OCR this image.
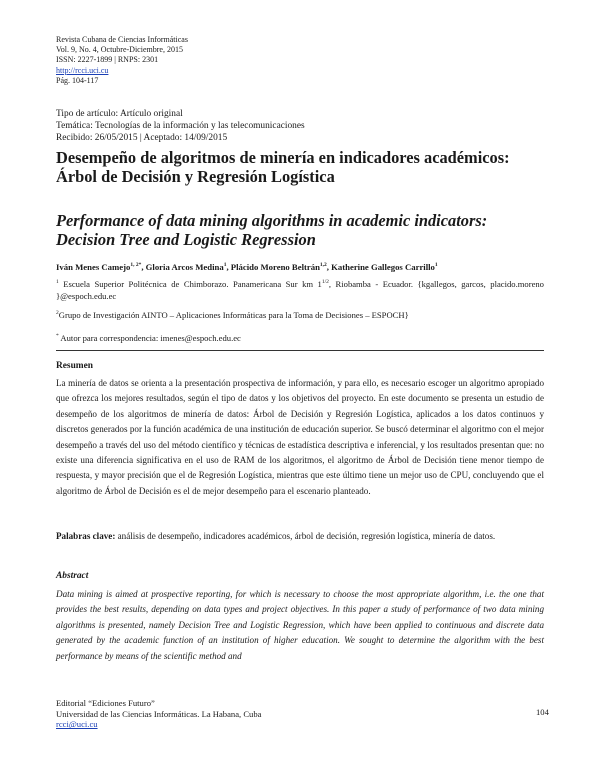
Revista Cubana de Ciencias Informáticas
Vol. 9, No. 4, Octubre-Diciembre, 2015
ISSN: 2227-1899 | RNPS: 2301
http://rcci.uci.cu
Pág. 104-117
Tipo de artículo: Artículo original
Temática: Tecnologías de la información y las telecomunicaciones
Recibido: 26/05/2015 | Aceptado: 14/09/2015
Desempeño de algoritmos de minería en indicadores académicos: Árbol de Decisión y Regresión Logística
Performance of data mining algorithms in academic indicators: Decision Tree and Logistic Regression
Iván Menes Camejo$^{1, 2*}$, Gloria Arcos Medina$^1$, Plácido Moreno Beltrán$^{1,2}$, Katherine Gallegos Carrillo$^1$
$^1$ Escuela Superior Politécnica de Chimborazo. Panamericana Sur km $1^{1/2}$, Riobamba - Ecuador. {kgallegos, garcos, placido.moreno }@espoch.edu.ec
$^2$Grupo de Investigación AINTO – Aplicaciones Informáticas para la Toma de Decisiones – ESPOCH}
* Autor para correspondencia: imenes@espoch.edu.ec
Resumen
La minería de datos se orienta a la presentación prospectiva de información, y para ello, es necesario escoger un algoritmo apropiado que ofrezca los mejores resultados, según el tipo de datos y los objetivos del proyecto. En este documento se presenta un estudio de desempeño de los algoritmos de minería de datos: Árbol de Decisión y Regresión Logística, aplicados a los datos continuos y discretos generados por la función académica de una institución de educación superior. Se buscó determinar el algoritmo con el mejor desempeño a través del uso del método científico y técnicas de estadística descriptiva e inferencial, y los resultados presentan que: no existe una diferencia significativa en el uso de RAM de los algoritmos, el algoritmo de Árbol de Decisión tiene menor tiempo de respuesta, y mayor precisión que el de Regresión Logística, mientras que este último tiene un mejor uso de CPU, concluyendo que el algoritmo de Árbol de Decisión es el de mejor desempeño para el escenario planteado.
Palabras clave: análisis de desempeño, indicadores académicos, árbol de decisión, regresión logística, minería de datos.
Abstract
Data mining is aimed at prospective reporting, for which is necessary to choose the most appropriate algorithm, i.e. the one that provides the best results, depending on data types and project objectives. In this paper a study of performance of two data mining algorithms is presented, namely Decision Tree and Logistic Regression, which have been applied to continuous and discrete data generated by the academic function of an institution of higher education. We sought to determine the algorithm with the best performance by means of the scientific method and
Editorial “Ediciones Futuro”
Universidad de las Ciencias Informáticas. La Habana, Cuba
rcci@uci.cu
104
